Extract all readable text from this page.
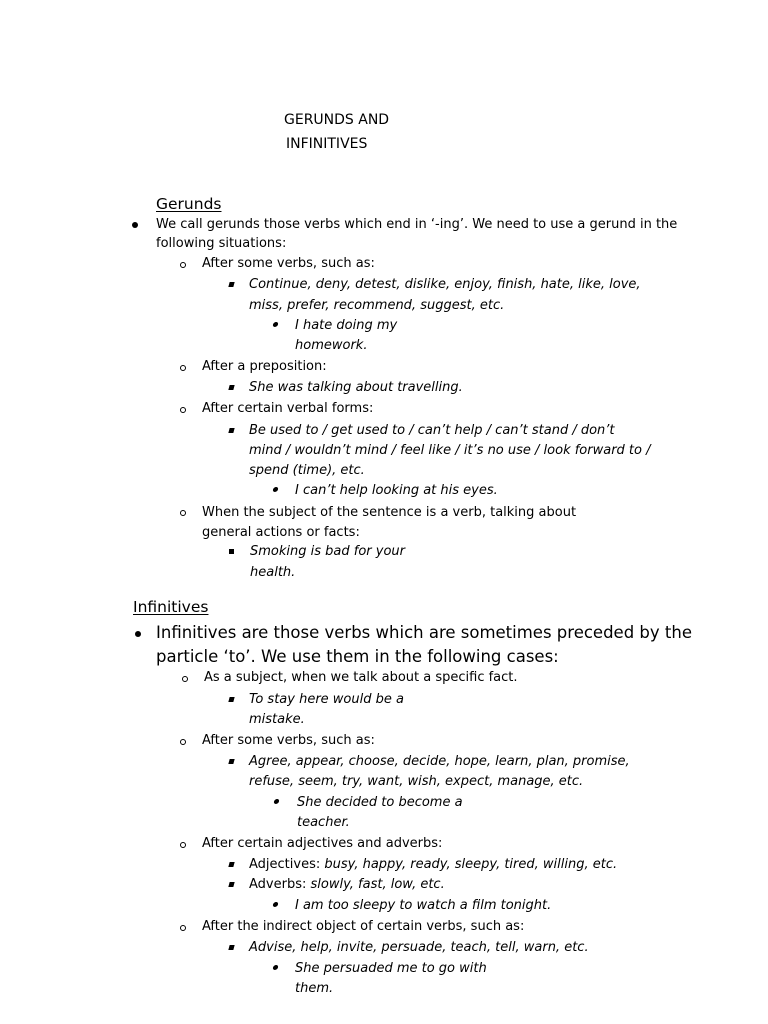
GERUNDS AND
INFINITIVES
Gerunds
We call gerunds those verbs which end in ‘-ing’. We need to use a gerund in the
following situations:
After some verbs, such as:
Continue, deny, detest, dislike, enjoy, finish, hate, like, love,
miss, prefer, recommend, suggest, etc.
I hate doing my
homework.
After a preposition:
She was talking about travelling.
After certain verbal forms:
Be used to / get used to / can’t help / can’t stand / don’t
mind / wouldn’t mind / feel like / it’s no use / look forward to /
spend (time), etc.
I can’t help looking at his eyes.
When the subject of the sentence is a verb, talking about
general actions or facts:
Smoking is bad for your
health.
Infinitives
Infinitives are those verbs which are sometimes preceded by the
particle ‘to’. We use them in the following cases:
As a subject, when we talk about a specific fact.
To stay here would be a
mistake.
After some verbs, such as:
Agree, appear, choose, decide, hope, learn, plan, promise,
refuse, seem, try, want, wish, expect, manage, etc.
She decided to become a
teacher.
After certain adjectives and adverbs:
Adjectives: busy, happy, ready, sleepy, tired, willing, etc.
Adverbs: slowly, fast, low, etc.
I am too sleepy to watch a film tonight.
After the indirect object of certain verbs, such as:
Advise, help, invite, persuade, teach, tell, warn, etc.
She persuaded me to go with
them.
